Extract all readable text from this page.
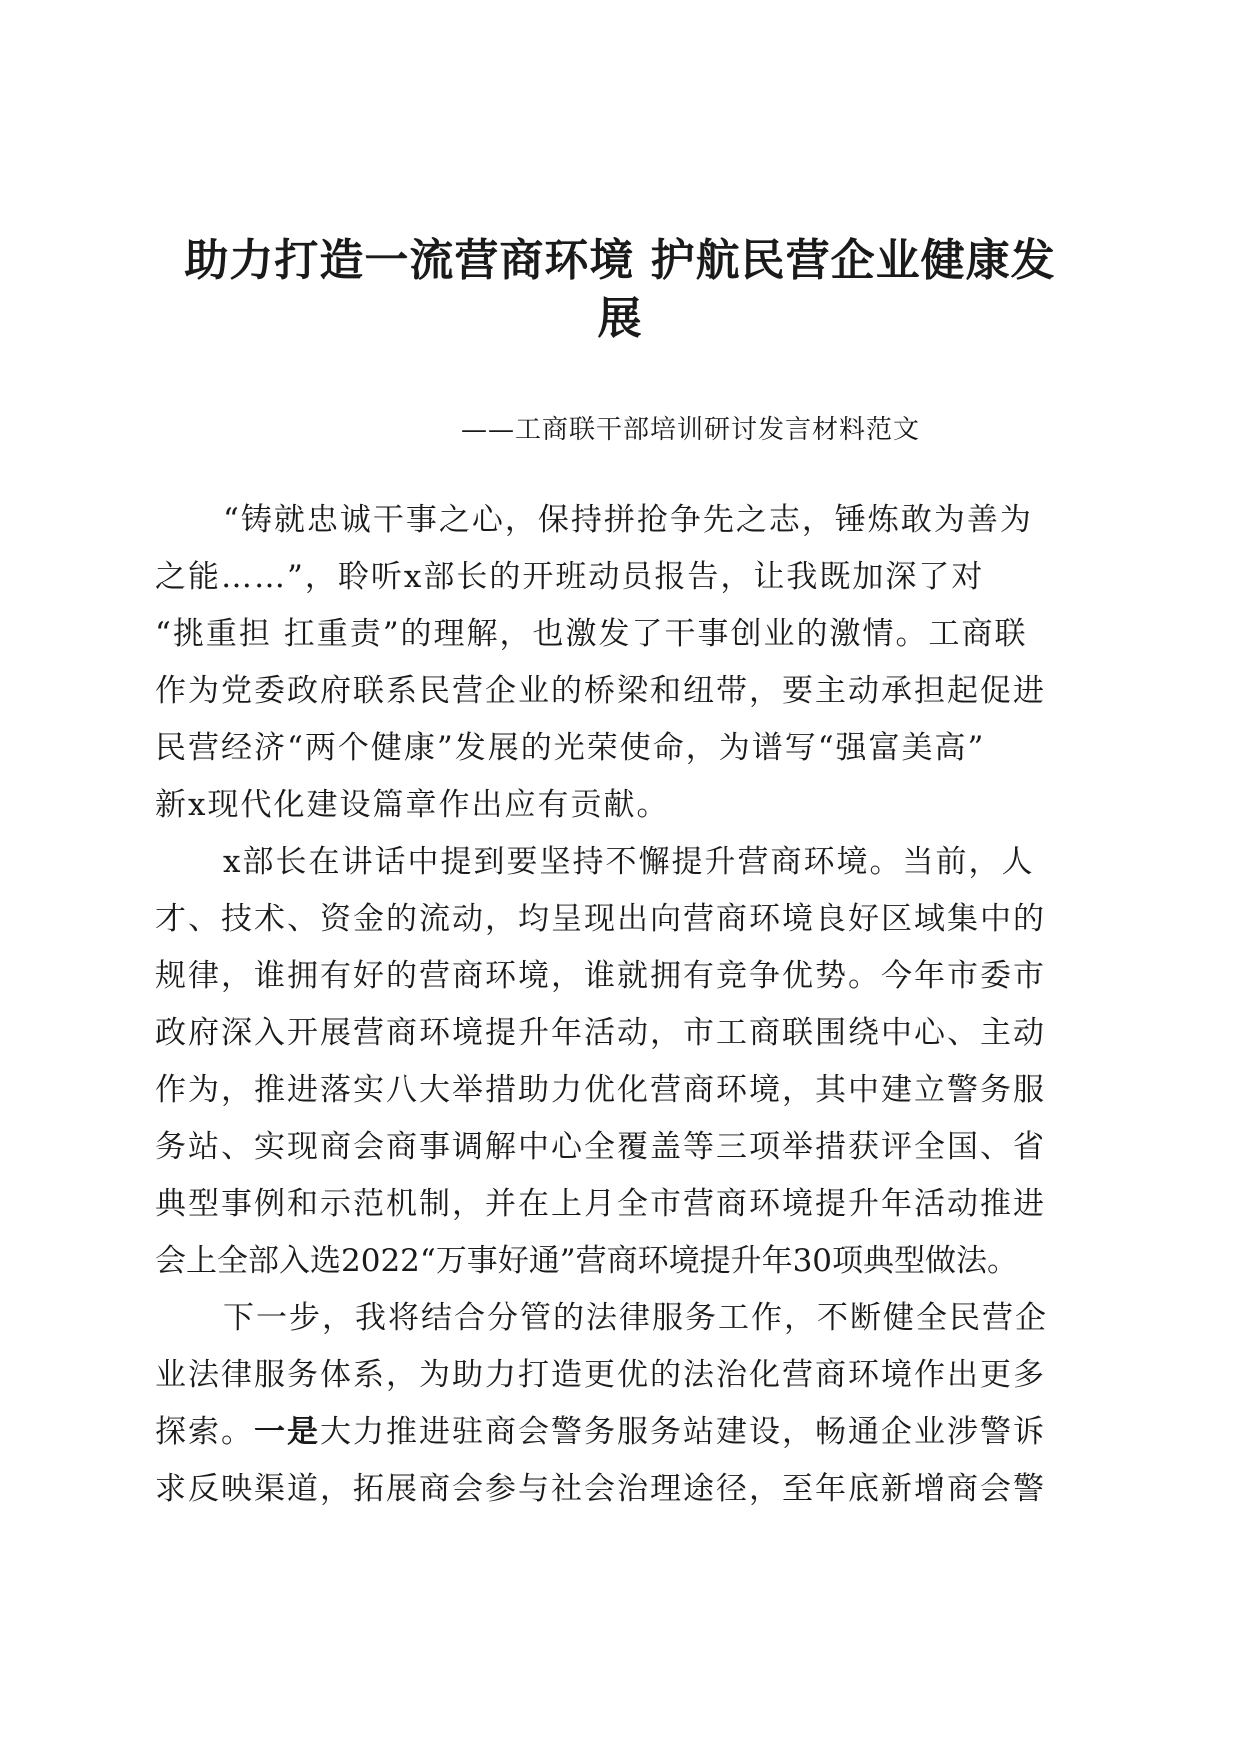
助力打造一流营商环境 护航民营企业健康发
展
——工商联干部培训研讨发言材料范文
“铸就忠诚干事之心，保持拼抢争先之志，锤炼敢为善为
之能……”，聆听x部长的开班动员报告，让我既加深了对
“挑重担 扛重责”的理解，也激发了干事创业的激情。工商联
作为党委政府联系民营企业的桥梁和纽带，要主动承担起促进
民营经济“两个健康”发展的光荣使命，为谱写“强富美高”
新x现代化建设篇章作出应有贡献。
x部长在讲话中提到要坚持不懈提升营商环境。当前，人
才、技术、资金的流动，均呈现出向营商环境良好区域集中的
规律，谁拥有好的营商环境，谁就拥有竞争优势。今年市委市
政府深入开展营商环境提升年活动，市工商联围绕中心、主动
作为，推进落实八大举措助力优化营商环境，其中建立警务服
务站、实现商会商事调解中心全覆盖等三项举措获评全国、省
典型事例和示范机制，并在上月全市营商环境提升年活动推进
会上全部入选2022“万事好通”营商环境提升年30项典型做法。
下一步，我将结合分管的法律服务工作，不断健全民营企
业法律服务体系，为助力打造更优的法治化营商环境作出更多
探索。一是大力推进驻商会警务服务站建设，畅通企业涉警诉
求反映渠道，拓展商会参与社会治理途径，至年底新增商会警
